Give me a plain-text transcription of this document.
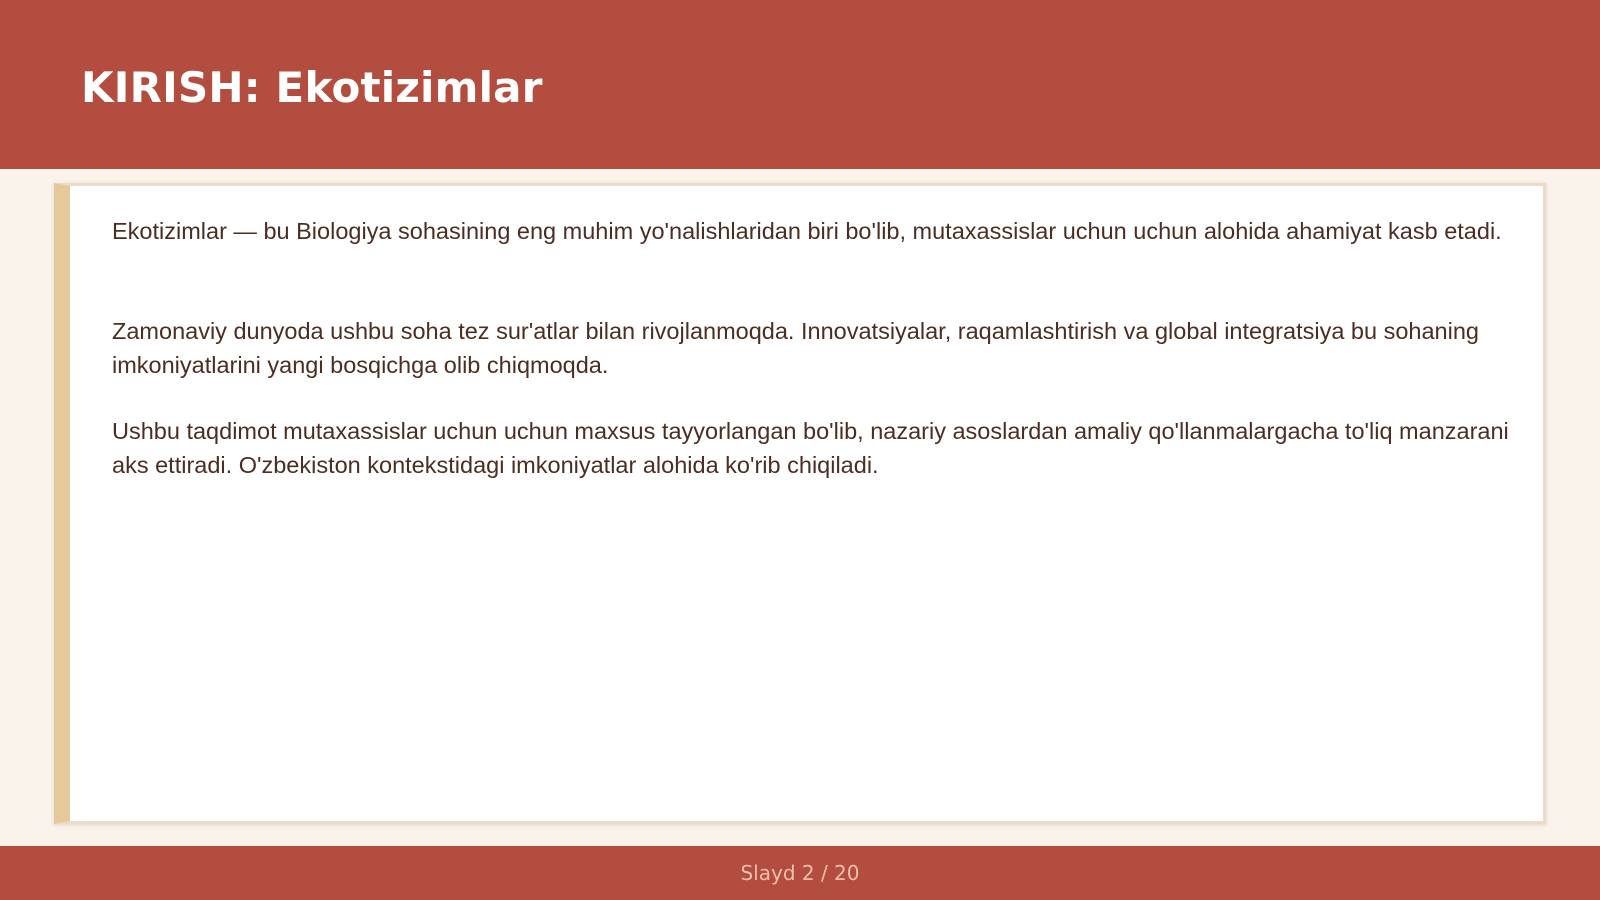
KIRISH: Ekotizimlar

Ekotizimlar — bu Biologiya sohasining eng muhim yo'nalishlaridan biri bo'lib, mutaxassislar uchun uchun alohida ahamiyat kasb etadi.

Zamonaviy dunyoda ushbu soha tez sur'atlar bilan rivojlanmoqda. Innovatsiyalar, raqamlashtirish va global integratsiya bu sohaning imkoniyatlarini yangi bosqichga olib chiqmoqda.

Ushbu taqdimot mutaxassislar uchun uchun maxsus tayyorlangan bo'lib, nazariy asoslardan amaliy qo'llanmalargacha to'liq manzarani aks ettiradi. O'zbekiston kontekstidagi imkoniyatlar alohida ko'rib chiqiladi.

Slayd 2 / 20
